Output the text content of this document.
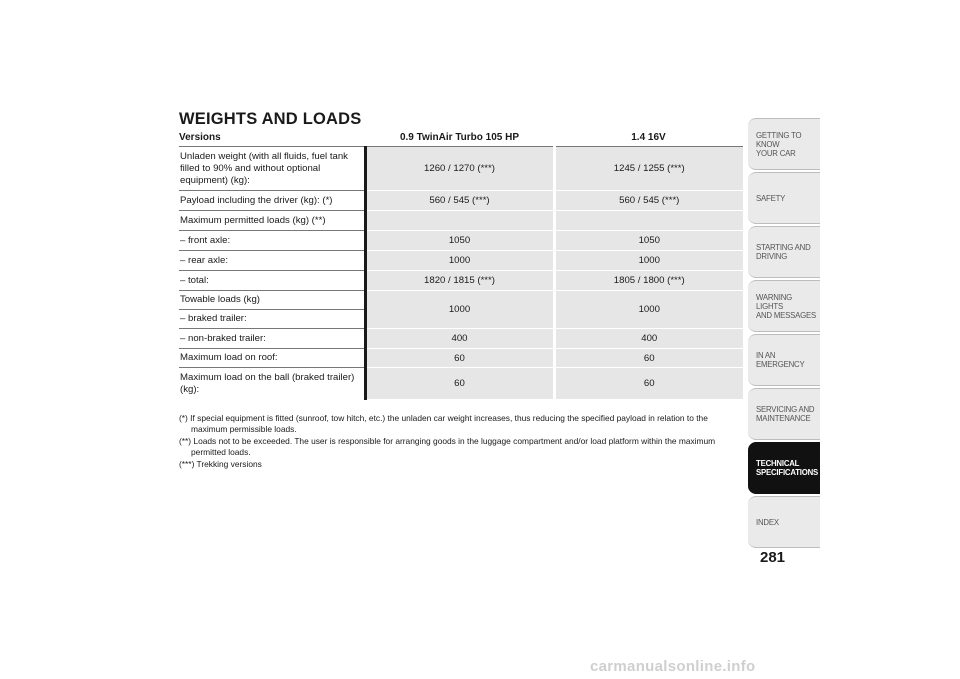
WEIGHTS AND LOADS
Versions	0.9 TwinAir Turbo 105 HP	1.4 16V
Unladen weight (with all fluids, fuel tank filled to 90% and without optional equipment) (kg):	1260 / 1270 (***)	1245 / 1255 (***)
Payload including the driver (kg): (*)	560 / 545 (***)	560 / 545 (***)
Maximum permitted loads (kg) (**)		
– front axle:	1050	1050
– rear axle:	1000	1000
– total:	1820 / 1815 (***)	1805 / 1800 (***)
Towable loads (kg)	1000	1000
– braked trailer:		
– non-braked trailer:	400	400
Maximum load on roof:	60	60
Maximum load on the ball (braked trailer) (kg):	60	60

(*) If special equipment is fitted (sunroof, tow hitch, etc.) the unladen car weight increases, thus reducing the specified payload in relation to the maximum permissible loads.

(**) Loads not to be exceeded. The user is responsible for arranging goods in the luggage compartment and/or load platform within the maximum permitted loads.

(***) Trekking versions

GETTING TO KNOW
YOUR CAR
SAFETY
STARTING AND
DRIVING
WARNING LIGHTS
AND MESSAGES
IN AN EMERGENCY
SERVICING AND
MAINTENANCE
TECHNICAL
SPECIFICATIONS
INDEX
281
carmanualsonline.info
